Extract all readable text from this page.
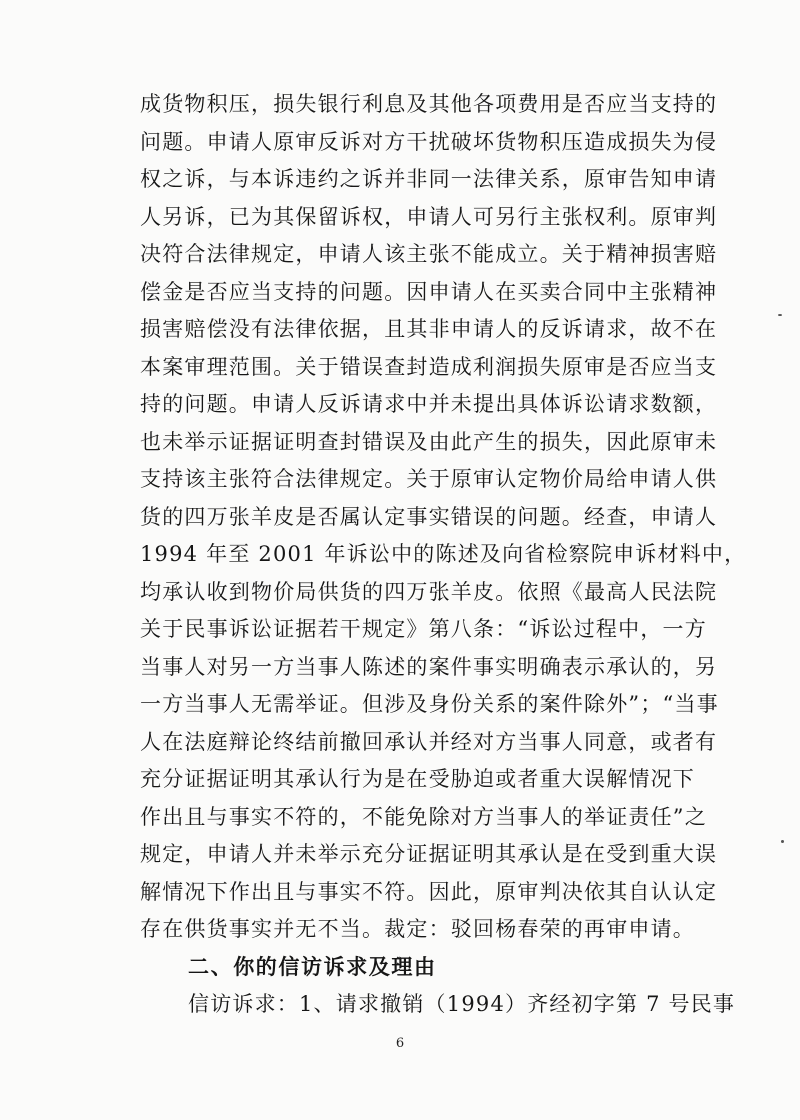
成货物积压，损失银行利息及其他各项费用是否应当支持的
问题。申请人原审反诉对方干扰破坏货物积压造成损失为侵
权之诉，与本诉违约之诉并非同一法律关系，原审告知申请
人另诉，已为其保留诉权，申请人可另行主张权利。原审判
决符合法律规定，申请人该主张不能成立。关于精神损害赔
偿金是否应当支持的问题。因申请人在买卖合同中主张精神
损害赔偿没有法律依据，且其非申请人的反诉请求，故不在
本案审理范围。关于错误查封造成利润损失原审是否应当支
持的问题。申请人反诉请求中并未提出具体诉讼请求数额，
也未举示证据证明查封错误及由此产生的损失，因此原审未
支持该主张符合法律规定。关于原审认定物价局给申请人供
货的四万张羊皮是否属认定事实错误的问题。经查，申请人
1994 年至 2001 年诉讼中的陈述及向省检察院申诉材料中，
均承认收到物价局供货的四万张羊皮。依照《最高人民法院
关于民事诉讼证据若干规定》第八条：“诉讼过程中，一方
当事人对另一方当事人陈述的案件事实明确表示承认的，另
一方当事人无需举证。但涉及身份关系的案件除外”；“当事
人在法庭辩论终结前撤回承认并经对方当事人同意，或者有
充分证据证明其承认行为是在受胁迫或者重大误解情况下
作出且与事实不符的，不能免除对方当事人的举证责任”之
规定，申请人并未举示充分证据证明其承认是在受到重大误
解情况下作出且与事实不符。因此，原审判决依其自认认定
存在供货事实并无不当。裁定：驳回杨春荣的再审申请。
二、你的信访诉求及理由
信访诉求：1、请求撤销（1994）齐经初字第 7 号民事
6
